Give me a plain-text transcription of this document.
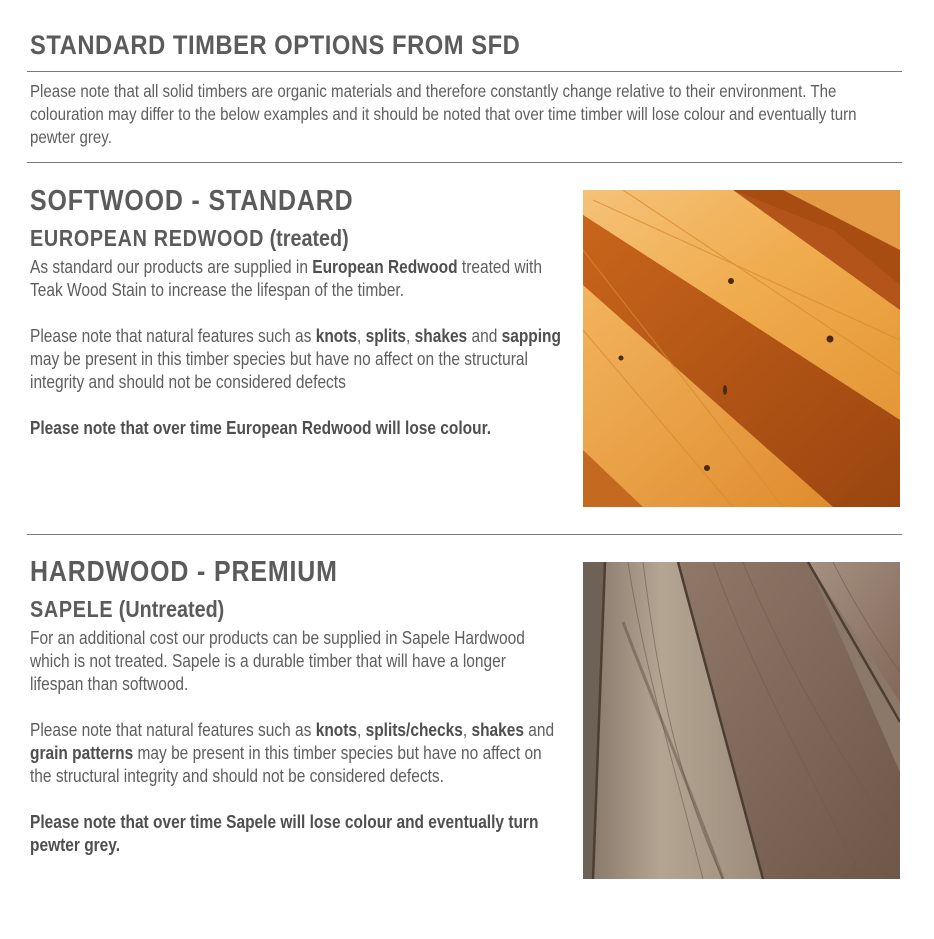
STANDARD TIMBER OPTIONS FROM SFD

Please note that all solid timbers are organic materials and therefore constantly change relative to their environment. The colouration may differ to the below examples and it should be noted that over time timber will lose colour and eventually turn pewter grey.

SOFTWOOD - STANDARD
EUROPEAN REDWOOD (treated)

As standard our products are supplied in European Redwood treated with Teak Wood Stain to increase the lifespan of the timber.

Please note that natural features such as knots, splits, shakes and sapping may be present in this timber species but have no affect on the structural integrity and should not be considered defects

Please note that over time European Redwood will lose colour.

HARDWOOD - PREMIUM
SAPELE (Untreated)

For an additional cost our products can be supplied in Sapele Hardwood which is not treated. Sapele is a durable timber that will have a longer lifespan than softwood.

Please note that natural features such as knots, splits/checks, shakes and grain patterns may be present in this timber species but have no affect on the structural integrity and should not be considered defects.

Please note that over time Sapele will lose colour and eventually turn pewter grey.
